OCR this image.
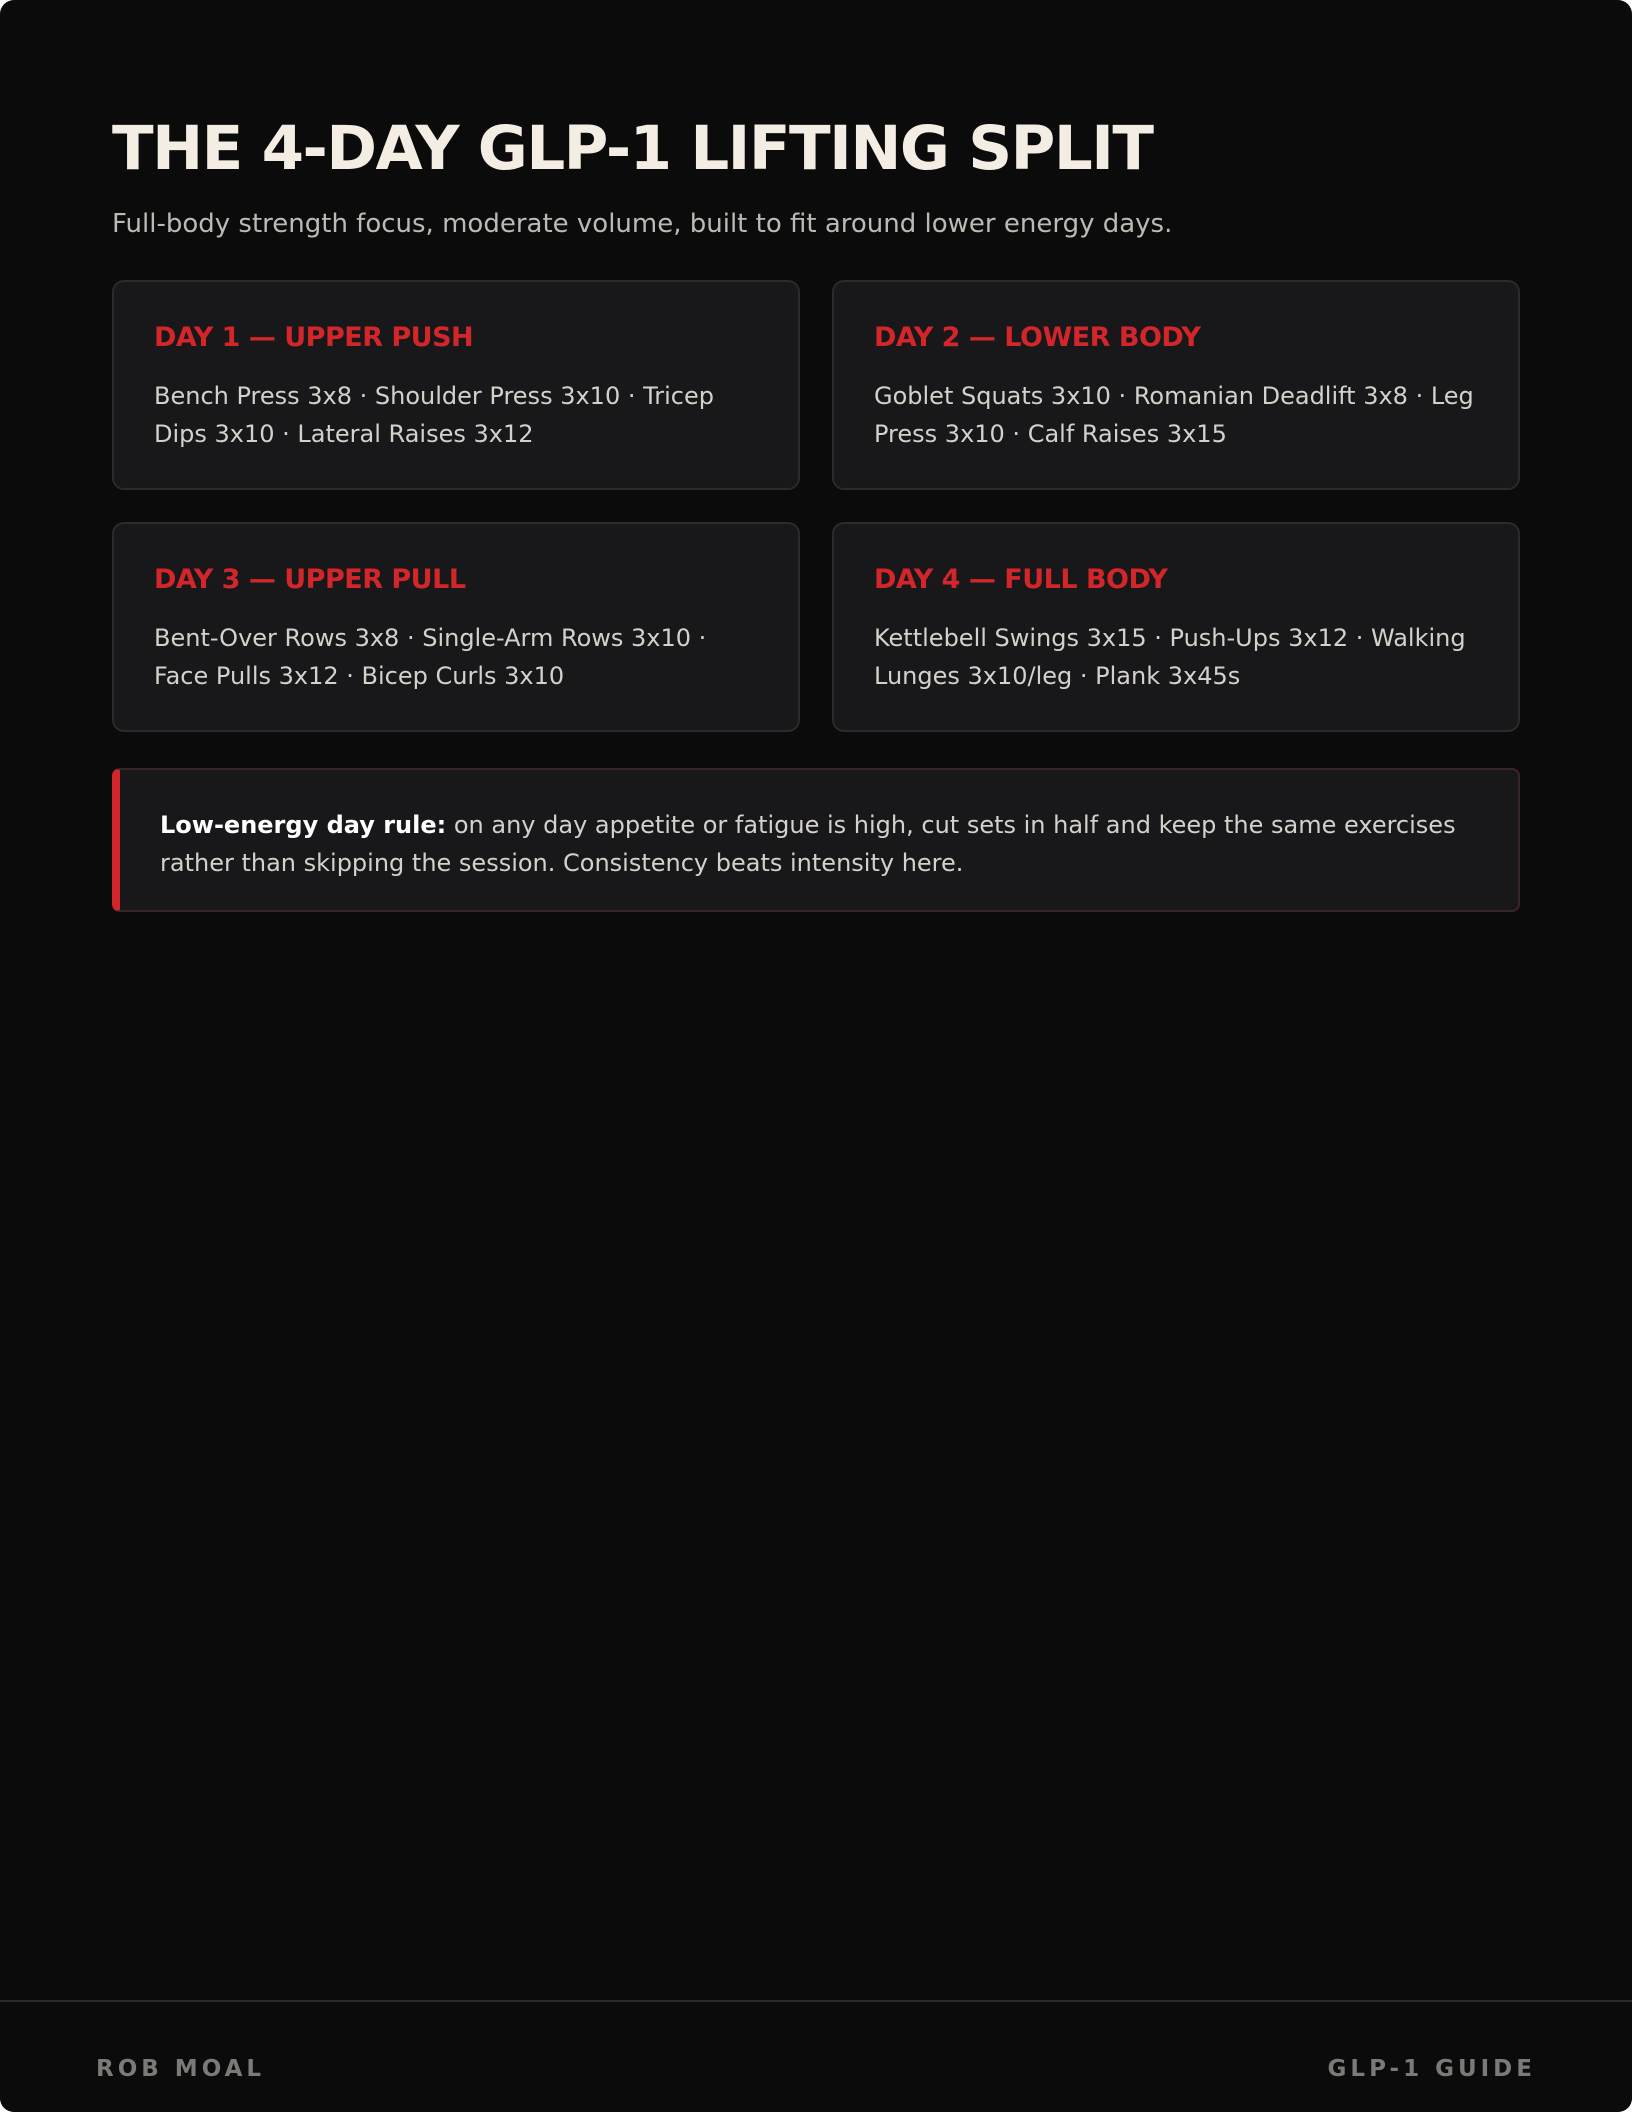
THE 4-DAY GLP-1 LIFTING SPLIT

Full-body strength focus, moderate volume, built to fit around lower energy days.

DAY 1 — UPPER PUSH
Bench Press 3x8 · Shoulder Press 3x10 · Tricep Dips 3x10 · Lateral Raises 3x12
DAY 2 — LOWER BODY
Goblet Squats 3x10 · Romanian Deadlift 3x8 · Leg Press 3x10 · Calf Raises 3x15
DAY 3 — UPPER PULL
Bent-Over Rows 3x8 · Single-Arm Rows 3x10 · Face Pulls 3x12 · Bicep Curls 3x10
DAY 4 — FULL BODY
Kettlebell Swings 3x15 · Push-Ups 3x12 · Walking Lunges 3x10/leg · Plank 3x45s
Low-energy day rule: on any day appetite or fatigue is high, cut sets in half and keep the same exercises rather than skipping the session. Consistency beats intensity here.
ROB MOAL	GLP-1 GUIDE
